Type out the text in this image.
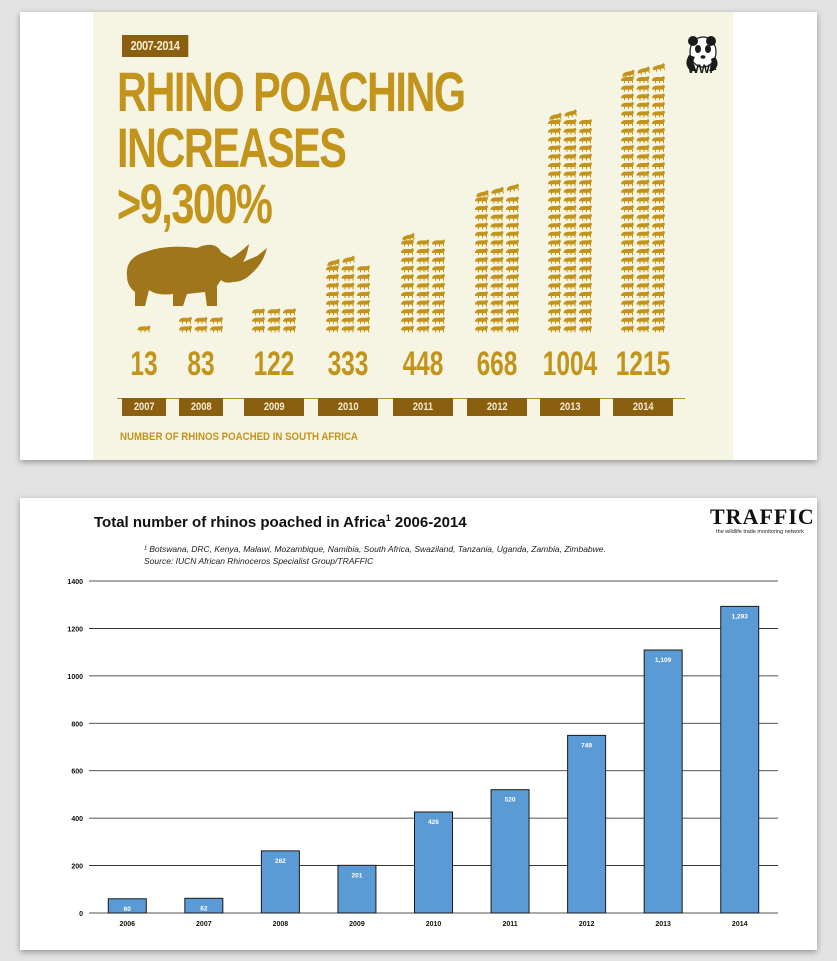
2007-2014
RHINO POACHING
INCREASES
>9,300%
WWF
13 83	122 333 448 668 1004 1215
2007	2008	2009	2010	2011	2012	2013	2014
NUMBER OF RHINOS POACHED IN SOUTH AFRICA
Total number of rhinos poached in Africa$^1$ 2006-2014	TRAFFIC
the wildlife trade monitoring network
¹ Botswana, DRC, Kenya, Malawi, Mozambique, Namibia, South Africa, Swaziland, Tanzania, Uganda, Zambia, Zimbabwe.
Source: IUCN African Rhinoceros Specialist Group/TRAFFIC
0
200
400
600
800
1000
1200
1400
60
2006
62
2007
262
2008
201
2009
426
2010
520
2011
749
2012
1,109
2013
1,293
2014
